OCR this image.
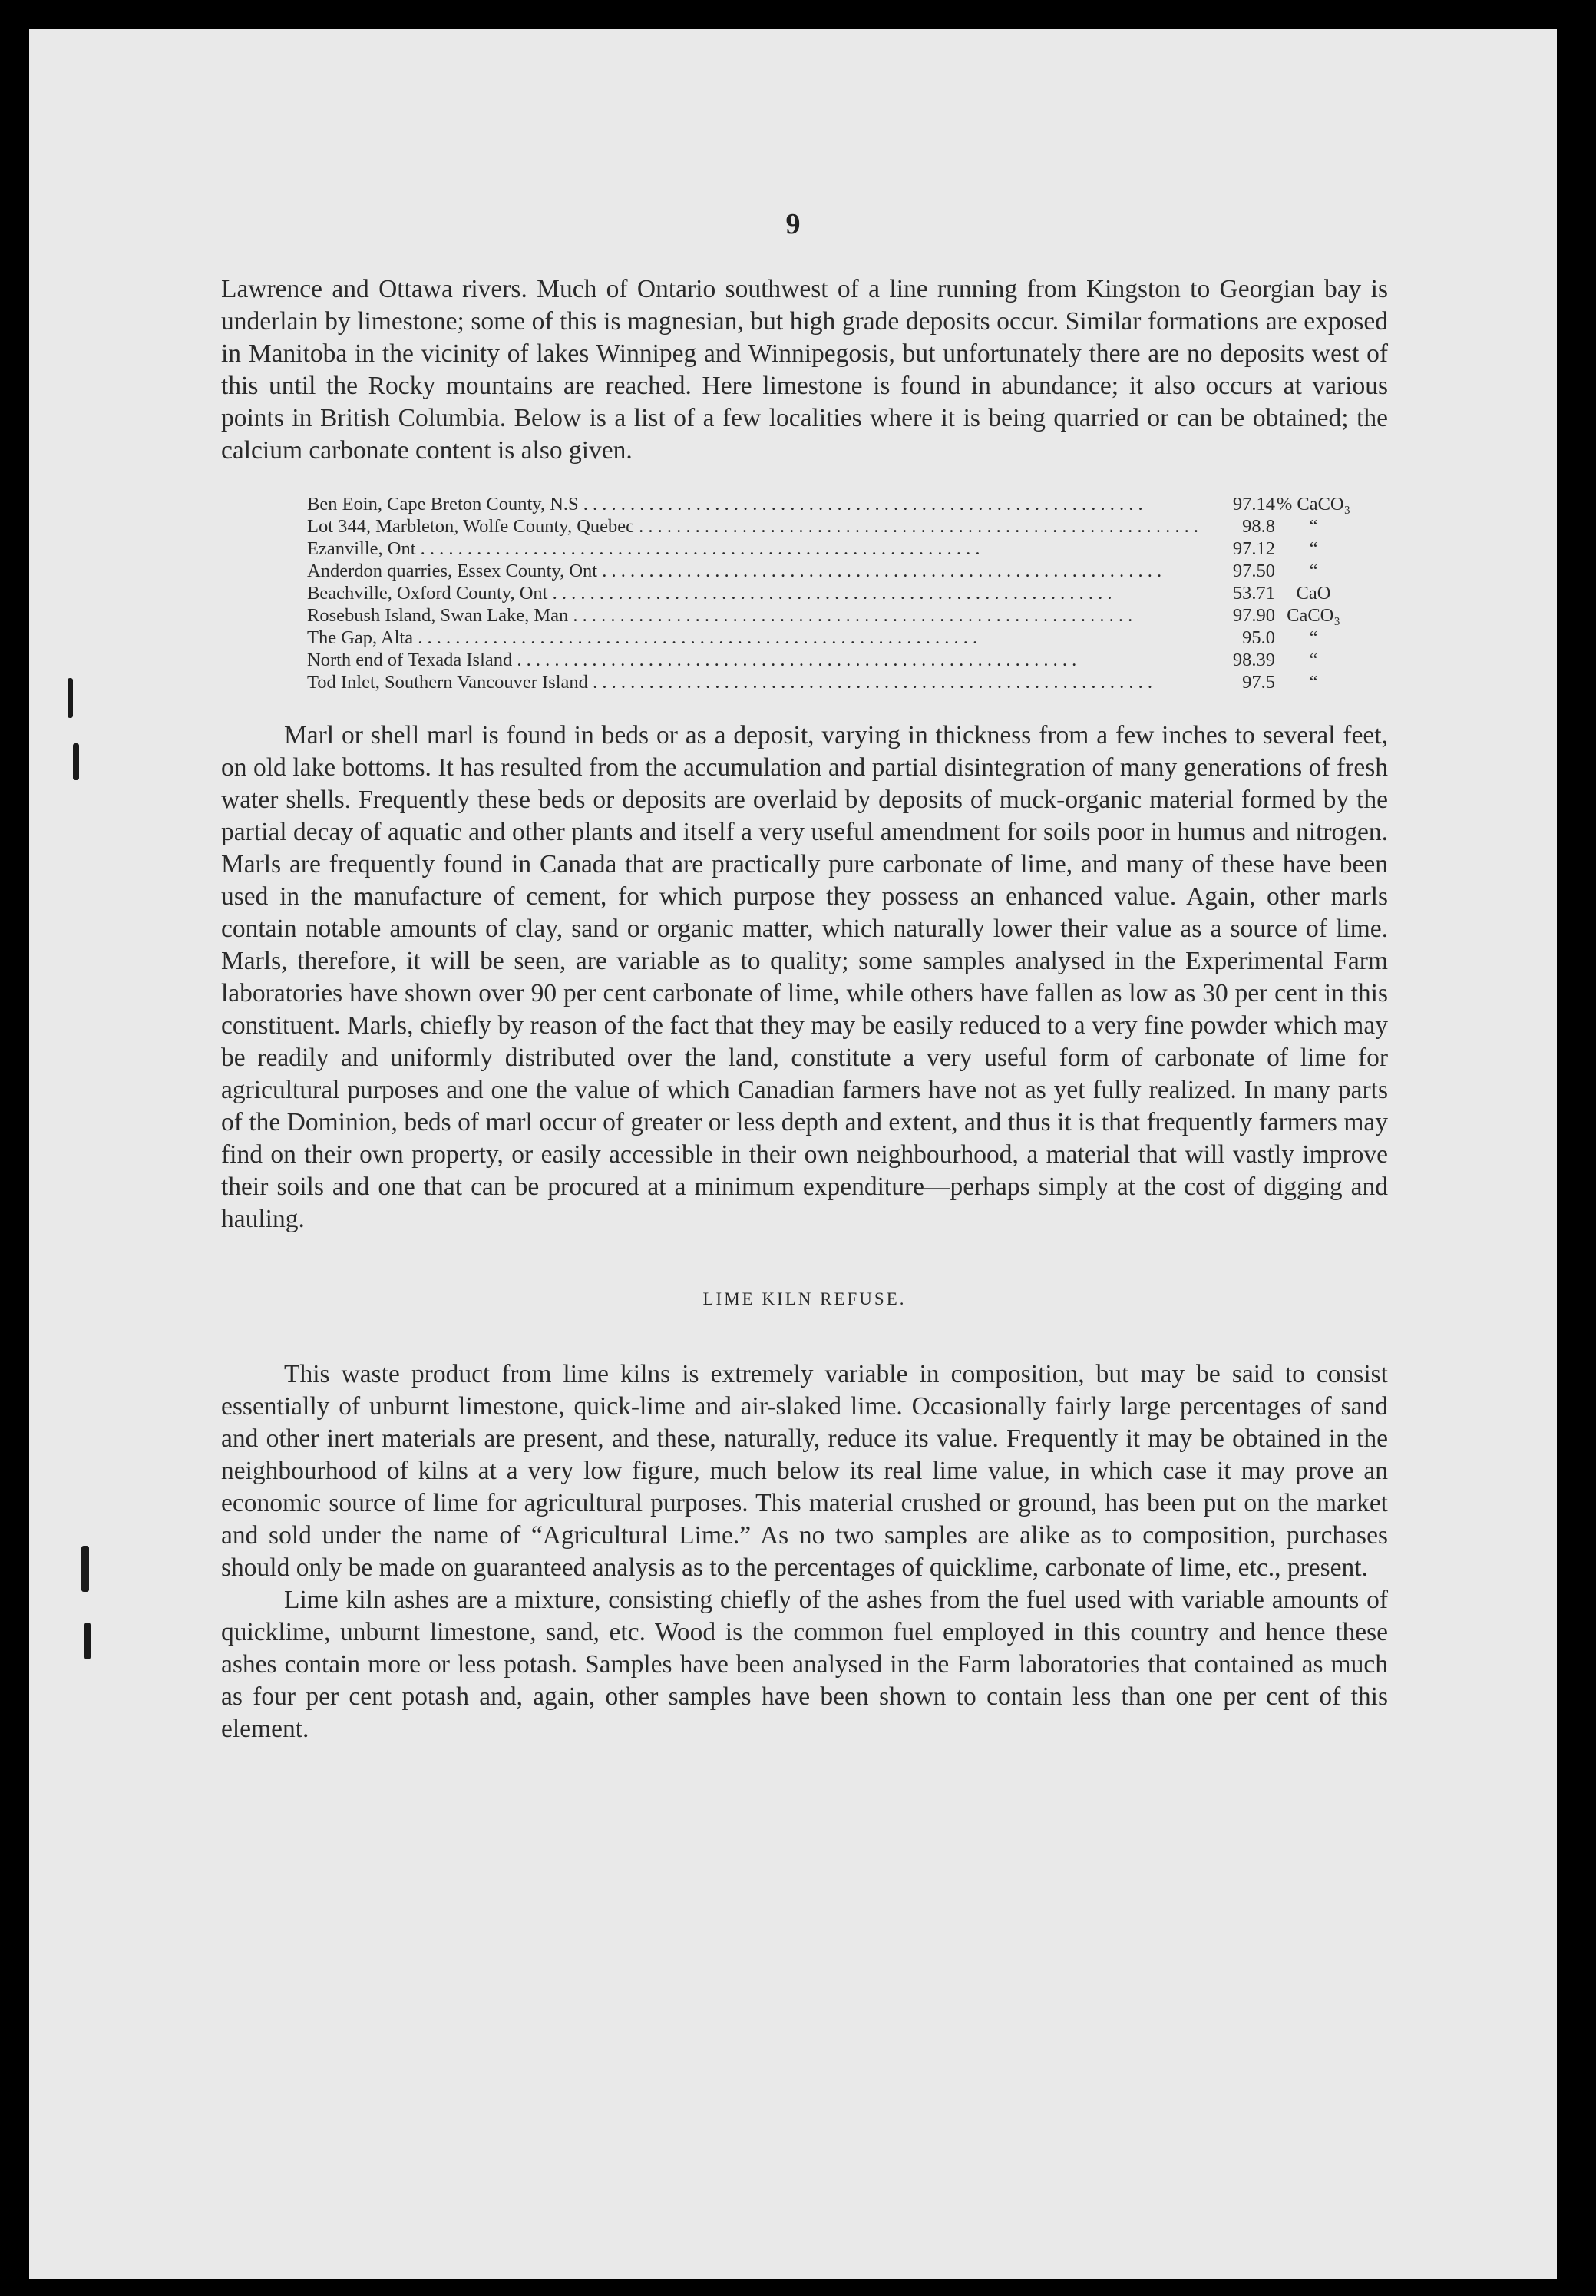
9

Lawrence and Ottawa rivers. Much of Ontario southwest of a line running from Kingston to Georgian bay is underlain by limestone; some of this is magnesian, but high grade deposits occur. Similar formations are exposed in Manitoba in the vicinity of lakes Winnipeg and Winnipegosis, but unfortunately there are no deposits west of this until the Rocky mountains are reached. Here limestone is found in abundance; it also occurs at various points in British Columbia. Below is a list of a few localities where it is being quarried or can be obtained; the calcium carbonate content is also given.

Ben Eoin, Cape Breton County, N.S . . . . . . . . . . . . . . . . . . . . . . . . . . . . . . . . . . . . . . . . . . . . . . . . . . . . . . . . . . . .	97.14	% CaCO₃
Lot 344, Marbleton, Wolfe County, Quebec . . . . . . . . . . . . . . . . . . . . . . . . . . . . . . . . . . . . . . . . . . . . . . . . . . . . . . . . . . . .	98.8	“
Ezanville, Ont . . . . . . . . . . . . . . . . . . . . . . . . . . . . . . . . . . . . . . . . . . . . . . . . . . . . . . . . . . . .	97.12	“
Anderdon quarries, Essex County, Ont . . . . . . . . . . . . . . . . . . . . . . . . . . . . . . . . . . . . . . . . . . . . . . . . . . . . . . . . . . . .	97.50	“
Beachville, Oxford County, Ont . . . . . . . . . . . . . . . . . . . . . . . . . . . . . . . . . . . . . . . . . . . . . . . . . . . . . . . . . . . .	53.71	CaO
Rosebush Island, Swan Lake, Man . . . . . . . . . . . . . . . . . . . . . . . . . . . . . . . . . . . . . . . . . . . . . . . . . . . . . . . . . . . .	97.90	CaCO₃
The Gap, Alta . . . . . . . . . . . . . . . . . . . . . . . . . . . . . . . . . . . . . . . . . . . . . . . . . . . . . . . . . . . .	95.0	“
North end of Texada Island . . . . . . . . . . . . . . . . . . . . . . . . . . . . . . . . . . . . . . . . . . . . . . . . . . . . . . . . . . . .	98.39	“
Tod Inlet, Southern Vancouver Island . . . . . . . . . . . . . . . . . . . . . . . . . . . . . . . . . . . . . . . . . . . . . . . . . . . . . . . . . . . .	97.5	“

Marl or shell marl is found in beds or as a deposit, varying in thickness from a few inches to several feet, on old lake bottoms. It has resulted from the accumulation and partial disintegration of many generations of fresh water shells. Frequently these beds or deposits are overlaid by deposits of muck-organic material formed by the partial decay of aquatic and other plants and itself a very useful amendment for soils poor in humus and nitrogen. Marls are frequently found in Canada that are practically pure carbonate of lime, and many of these have been used in the manufacture of cement, for which purpose they possess an enhanced value. Again, other marls contain notable amounts of clay, sand or organic matter, which naturally lower their value as a source of lime. Marls, therefore, it will be seen, are variable as to quality; some samples analysed in the Experimental Farm laboratories have shown over 90 per cent carbonate of lime, while others have fallen as low as 30 per cent in this constituent. Marls, chiefly by reason of the fact that they may be easily reduced to a very fine powder which may be readily and uniformly distributed over the land, constitute a very useful form of carbonate of lime for agricultural purposes and one the value of which Canadian farmers have not as yet fully realized. In many parts of the Dominion, beds of marl occur of greater or less depth and extent, and thus it is that frequently farmers may find on their own property, or easily accessible in their own neighbourhood, a material that will vastly improve their soils and one that can be procured at a minimum expenditure—perhaps simply at the cost of digging and hauling.

LIME KILN REFUSE.

This waste product from lime kilns is extremely variable in composition, but may be said to consist essentially of unburnt limestone, quick-lime and air-slaked lime. Occasionally fairly large percentages of sand and other inert materials are present, and these, naturally, reduce its value. Frequently it may be obtained in the neighbourhood of kilns at a very low figure, much below its real lime value, in which case it may prove an economic source of lime for agricultural purposes. This material crushed or ground, has been put on the market and sold under the name of “Agricultural Lime.” As no two samples are alike as to composition, purchases should only be made on guaranteed analysis as to the percentages of quicklime, carbonate of lime, etc., present.

Lime kiln ashes are a mixture, consisting chiefly of the ashes from the fuel used with variable amounts of quicklime, unburnt limestone, sand, etc. Wood is the common fuel employed in this country and hence these ashes contain more or less potash. Samples have been analysed in the Farm laboratories that contained as much as four per cent potash and, again, other samples have been shown to contain less than one per cent of this element.
